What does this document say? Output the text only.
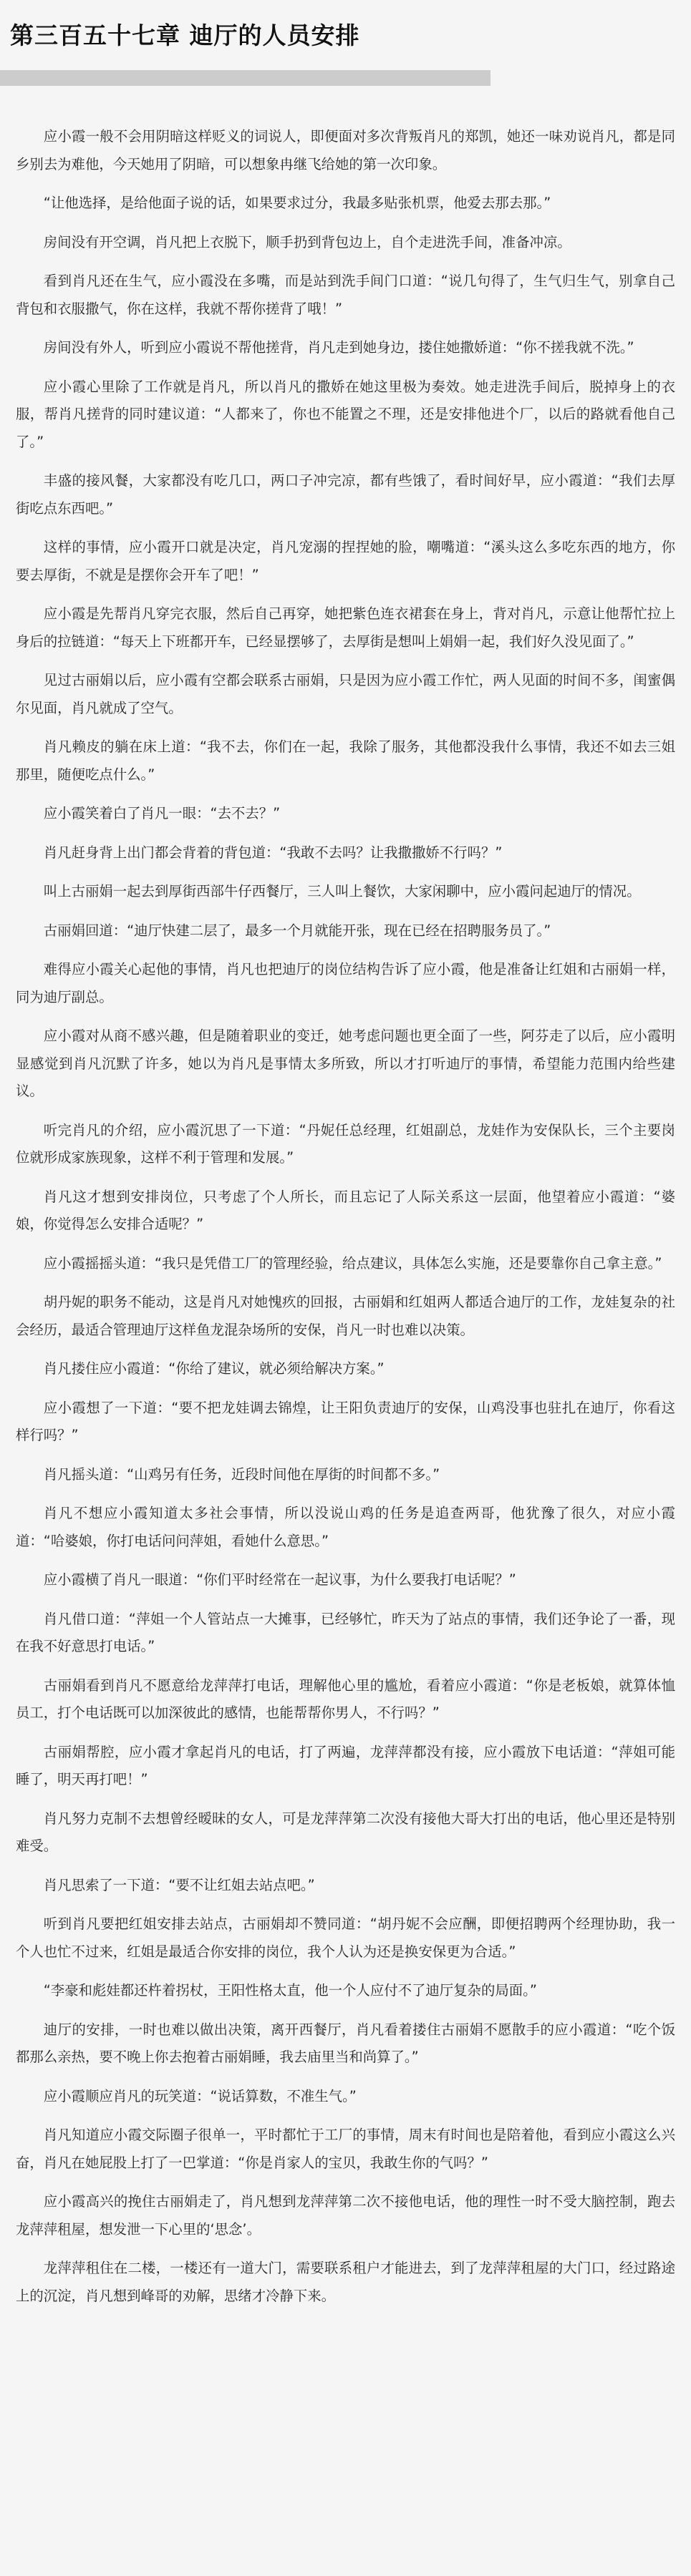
第三百五十七章 迪厅的人员安排

应小霞一般不会用阴暗这样贬义的词说人，即便面对多次背叛肖凡的郑凯，她还一味劝说肖凡，都是同乡别去为难他，今天她用了阴暗，可以想象冉继飞给她的第一次印象。

“让他选择，是给他面子说的话，如果要求过分，我最多贴张机票，他爱去那去那。”

房间没有开空调，肖凡把上衣脱下，顺手扔到背包边上，自个走进洗手间，准备冲凉。

看到肖凡还在生气，应小霞没在多嘴，而是站到洗手间门口道：“说几句得了，生气归生气，别拿自己背包和衣服撒气，你在这样，我就不帮你搓背了哦！”

房间没有外人，听到应小霞说不帮他搓背，肖凡走到她身边，搂住她撒娇道：“你不搓我就不洗。”

应小霞心里除了工作就是肖凡，所以肖凡的撒娇在她这里极为奏效。她走进洗手间后，脱掉身上的衣服，帮肖凡搓背的同时建议道：“人都来了，你也不能置之不理，还是安排他进个厂，以后的路就看他自己了。”

丰盛的接风餐，大家都没有吃几口，两口子冲完凉，都有些饿了，看时间好早，应小霞道：“我们去厚街吃点东西吧。”

这样的事情，应小霞开口就是决定，肖凡宠溺的捏捏她的脸，嘲嘴道：“溪头这么多吃东西的地方，你要去厚街，不就是是摆你会开车了吧！”

应小霞是先帮肖凡穿完衣服，然后自己再穿，她把紫色连衣裙套在身上，背对肖凡，示意让他帮忙拉上身后的拉链道：“每天上下班都开车，已经显摆够了，去厚街是想叫上娟娟一起，我们好久没见面了。”

见过古丽娟以后，应小霞有空都会联系古丽娟，只是因为应小霞工作忙，两人见面的时间不多，闺蜜偶尔见面，肖凡就成了空气。

肖凡赖皮的躺在床上道：“我不去，你们在一起，我除了服务，其他都没我什么事情，我还不如去三姐那里，随便吃点什么。”

应小霞笑着白了肖凡一眼：“去不去？”

肖凡赶身背上出门都会背着的背包道：“我敢不去吗？让我撒撒娇不行吗？”

叫上古丽娟一起去到厚街西部牛仔西餐厅，三人叫上餐饮，大家闲聊中，应小霞问起迪厅的情况。

古丽娟回道：“迪厅快建二层了，最多一个月就能开张，现在已经在招聘服务员了。”

难得应小霞关心起他的事情，肖凡也把迪厅的岗位结构告诉了应小霞，他是准备让红姐和古丽娟一样，同为迪厅副总。

应小霞对从商不感兴趣，但是随着职业的变迁，她考虑问题也更全面了一些，阿芬走了以后，应小霞明显感觉到肖凡沉默了许多，她以为肖凡是事情太多所致，所以才打听迪厅的事情，希望能力范围内给些建议。

听完肖凡的介绍，应小霞沉思了一下道：“丹妮任总经理，红姐副总，龙娃作为安保队长，三个主要岗位就形成家族现象，这样不利于管理和发展。”

肖凡这才想到安排岗位，只考虑了个人所长，而且忘记了人际关系这一层面，他望着应小霞道：“婆娘，你觉得怎么安排合适呢？”

应小霞摇摇头道：“我只是凭借工厂的管理经验，给点建议，具体怎么实施，还是要靠你自己拿主意。”

胡丹妮的职务不能动，这是肖凡对她愧疚的回报，古丽娟和红姐两人都适合迪厅的工作，龙娃复杂的社会经历，最适合管理迪厅这样鱼龙混杂场所的安保，肖凡一时也难以决策。

肖凡搂住应小霞道：“你给了建议，就必须给解决方案。”

应小霞想了一下道：“要不把龙娃调去锦煌，让王阳负责迪厅的安保，山鸡没事也驻扎在迪厅，你看这样行吗？”

肖凡摇头道：“山鸡另有任务，近段时间他在厚街的时间都不多。”

肖凡不想应小霞知道太多社会事情，所以没说山鸡的任务是追查两哥，他犹豫了很久，对应小霞道：“哈婆娘，你打电话问问萍姐，看她什么意思。”

应小霞横了肖凡一眼道：“你们平时经常在一起议事，为什么要我打电话呢？”

肖凡借口道：“萍姐一个人管站点一大摊事，已经够忙，昨天为了站点的事情，我们还争论了一番，现在我不好意思打电话。”

古丽娟看到肖凡不愿意给龙萍萍打电话，理解他心里的尴尬，看着应小霞道：“你是老板娘，就算体恤员工，打个电话既可以加深彼此的感情，也能帮帮你男人，不行吗？”

古丽娟帮腔，应小霞才拿起肖凡的电话，打了两遍，龙萍萍都没有接，应小霞放下电话道：“萍姐可能睡了，明天再打吧！”

肖凡努力克制不去想曾经暧昧的女人，可是龙萍萍第二次没有接他大哥大打出的电话，他心里还是特别难受。

肖凡思索了一下道：“要不让红姐去站点吧。”

听到肖凡要把红姐安排去站点，古丽娟却不赞同道：“胡丹妮不会应酬，即便招聘两个经理协助，我一个人也忙不过来，红姐是最适合你安排的岗位，我个人认为还是换安保更为合适。”

“李豪和彪娃都还杵着拐杖，王阳性格太直，他一个人应付不了迪厅复杂的局面。”

迪厅的安排，一时也难以做出决策，离开西餐厅，肖凡看着搂住古丽娟不愿散手的应小霞道：“吃个饭都那么亲热，要不晚上你去抱着古丽娟睡，我去庙里当和尚算了。”

应小霞顺应肖凡的玩笑道：“说话算数，不准生气。”

肖凡知道应小霞交际圈子很单一，平时都忙于工厂的事情，周末有时间也是陪着他，看到应小霞这么兴奋，肖凡在她屁股上打了一巴掌道：“你是肖家人的宝贝，我敢生你的气吗？”

应小霞高兴的挽住古丽娟走了，肖凡想到龙萍萍第二次不接他电话，他的理性一时不受大脑控制，跑去龙萍萍租屋，想发泄一下心里的‘思念’。

龙萍萍租住在二楼，一楼还有一道大门，需要联系租户才能进去，到了龙萍萍租屋的大门口，经过路途上的沉淀，肖凡想到峰哥的劝解，思绪才冷静下来。
